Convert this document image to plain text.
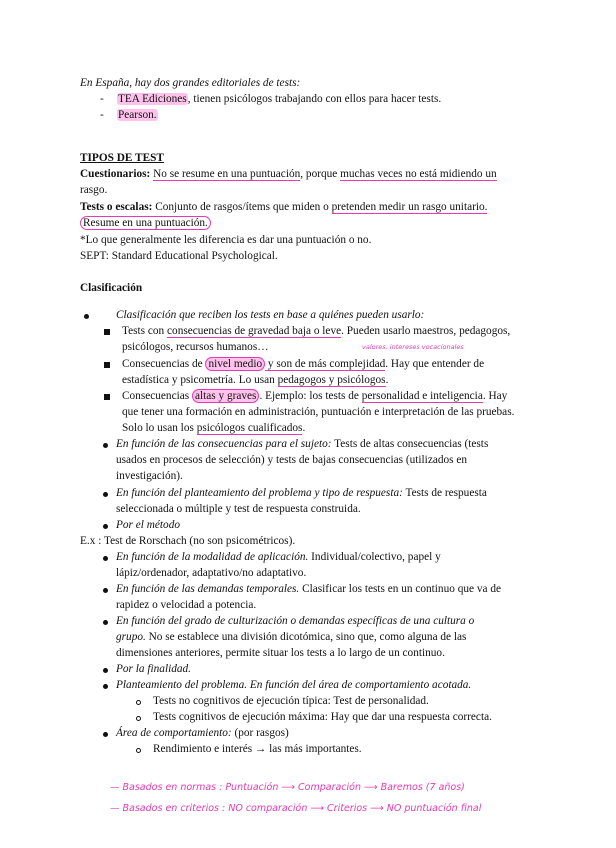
En España, hay dos grandes editoriales de tests:
- TEA Ediciones, tienen psicólogos trabajando con ellos para hacer tests.
- Pearson.
TIPOS DE TEST
Cuestionarios: No se resume en una puntuación, porque muchas veces no está midiendo un
rasgo.
Tests o escalas: Conjunto de rasgos/ítems que miden o pretenden medir un rasgo unitario.
Resume en una puntuación.
*Lo que generalmente les diferencia es dar una puntuación o no.
SEPT: Standard Educational Psychological.
Clasificación
Clasificación que reciben los tests en base a quiénes pueden usarlo:
Tests con consecuencias de gravedad baja o leve. Pueden usarlo maestros, pedagogos,
psicólogos, recursos humanos…	valores, intereses vocacionales
Consecuencias de nivel medio y son de más complejidad. Hay que entender de
estadística y psicometría. Lo usan pedagogos y psicólogos.
Consecuencias altas y graves . Ejemplo: los tests de personalidad e inteligencia. Hay
que tener una formación en administración, puntuación e interpretación de las pruebas.
Solo lo usan los psicólogos cualificados.
En función de las consecuencias para el sujeto: Tests de altas consecuencias (tests
usados en procesos de selección) y tests de bajas consecuencias (utilizados en
investigación).
En función del planteamiento del problema y tipo de respuesta: Tests de respuesta
seleccionada o múltiple y test de respuesta construida.
Por el método
E.x : Test de Rorschach (no son psicométricos).
En función de la modalidad de aplicación. Individual/colectivo, papel y
lápiz/ordenador, adaptativo/no adaptativo.
En función de las demandas temporales. Clasificar los tests en un continuo que va de
rapidez o velocidad a potencia.
En función del grado de culturización o demandas específicas de una cultura o
grupo. No se establece una división dicotómica, sino que, como alguna de las
dimensiones anteriores, permite situar los tests a lo largo de un continuo.
Por la finalidad.
Planteamiento del problema. En función del área de comportamiento acotada.
Tests no cognitivos de ejecución típica: Test de personalidad.
Tests cognitivos de ejecución máxima: Hay que dar una respuesta correcta.
Área de comportamiento: (por rasgos)
Rendimiento e interés → las más importantes.
— Basados en normas : Puntuación ⟶ Comparación ⟶ Baremos (7 años)
— Basados en criterios : NO comparación ⟶ Criterios ⟶ NO puntuación final
